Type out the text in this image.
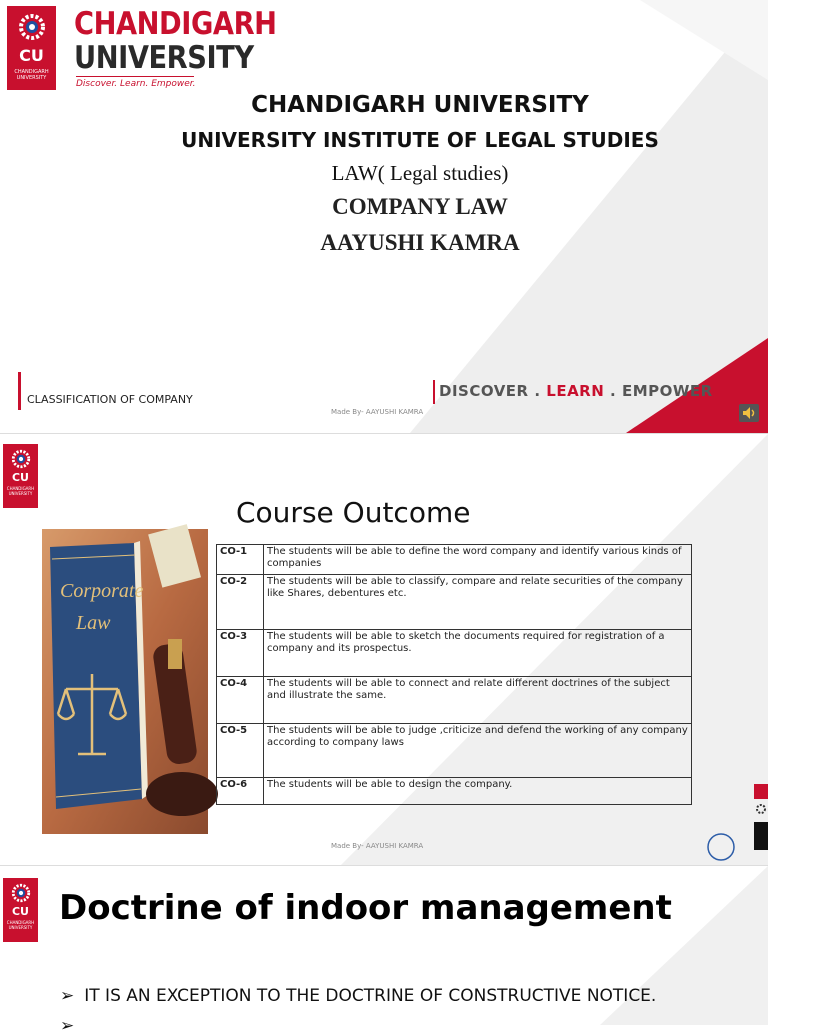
CU
CHANDIGARH UNIVERSITY
CHANDIGARH
UNIVERSITY
Discover. Learn. Empower.
CHANDIGARH UNIVERSITY
UNIVERSITY INSTITUTE OF LEGAL STUDIES
LAW( Legal studies)
COMPANY LAW
AAYUSHI KAMRA
CLASSIFICATION OF COMPANY
Made By- AAYUSHI KAMRA
DISCOVER . LEARN . EMPOWER
CU
CHANDIGARH UNIVERSITY
Course Outcome
Corporate
Law
CO-1	The students will be able to define the word company and identify various kinds of companies
CO-2	The students will be able to classify, compare and relate securities of the company like Shares, debentures etc.
CO-3	The students will be able to sketch the documents required for registration of a company and its prospectus.
CO-4	The students will be able to connect and relate different doctrines of the subject and illustrate the same.
CO-5	The students will be able to judge ,criticize and defend the working of any company according to company laws
CO-6	The students will be able to design the company.
Made By- AAYUSHI KAMRA
CU
CHANDIGARH UNIVERSITY Doctrine of indoor management
➢ IT IS AN EXCEPTION TO THE DOCTRINE OF CONSTRUCTIVE NOTICE.
➢
